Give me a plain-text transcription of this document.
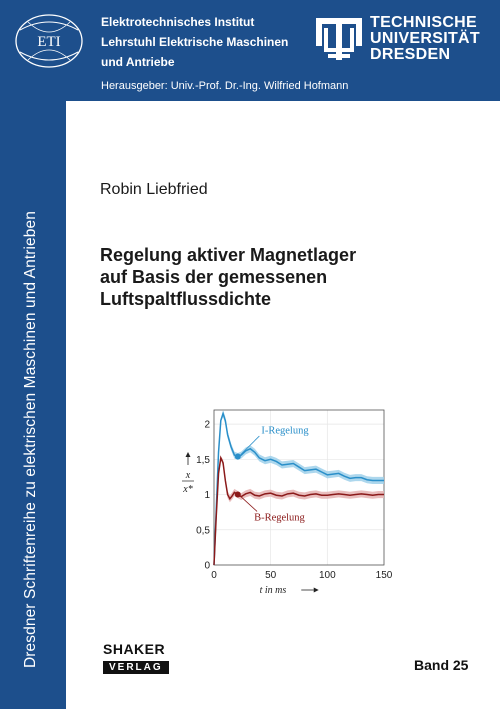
ETI
Elektrotechnisches Institut
Lehrstuhl Elektrische Maschinen
und Antriebe
TECHNISCHE
UNIVERSITÄT
DRESDEN
Herausgeber: Univ.-Prof. Dr.-Ing. Wilfried Hofmann
Dresdner Schriftenreihe zu elektrischen Maschinen und Antrieben
Robin Liebfried
Regelung aktiver Magnetlager
auf Basis der gemessenen
Luftspaltflussdichte
I-Regelung
B-Regelung
0
0,5
1
1,5
2
0	50	100	150
x
x*
t in ms
SHAKER
VERLAG	Band 25
